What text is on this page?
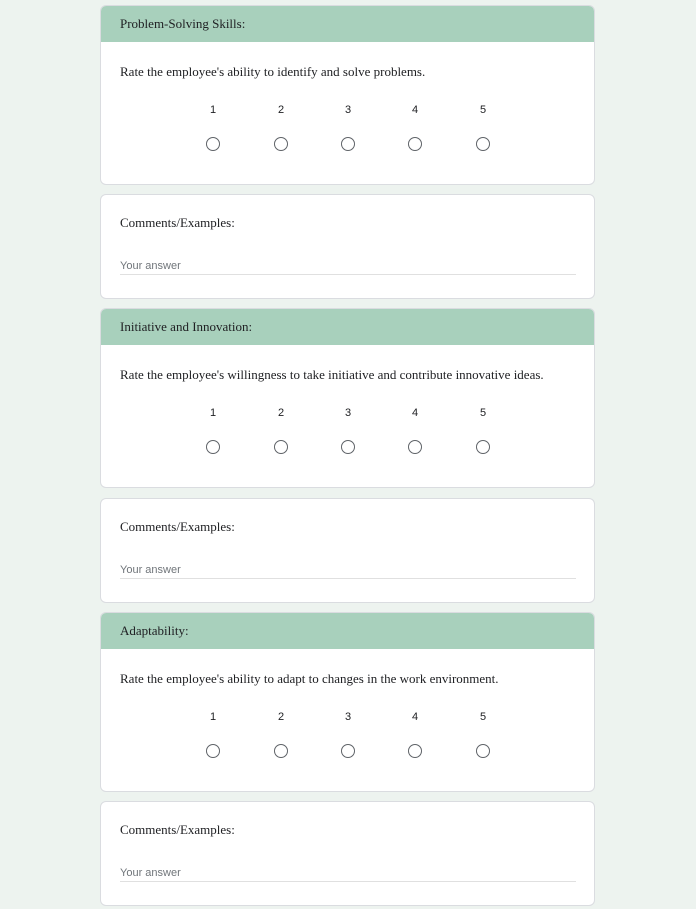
Problem-Solving Skills:
Rate the employee's ability to identify and solve problems.
1	2	3	4	5
Comments/Examples:
Your answer
Initiative and Innovation:
Rate the employee's willingness to take initiative and contribute innovative ideas.
1	2	3	4	5
Comments/Examples:
Your answer
Adaptability:
Rate the employee's ability to adapt to changes in the work environment.
1	2	3	4	5
Comments/Examples:
Your answer
